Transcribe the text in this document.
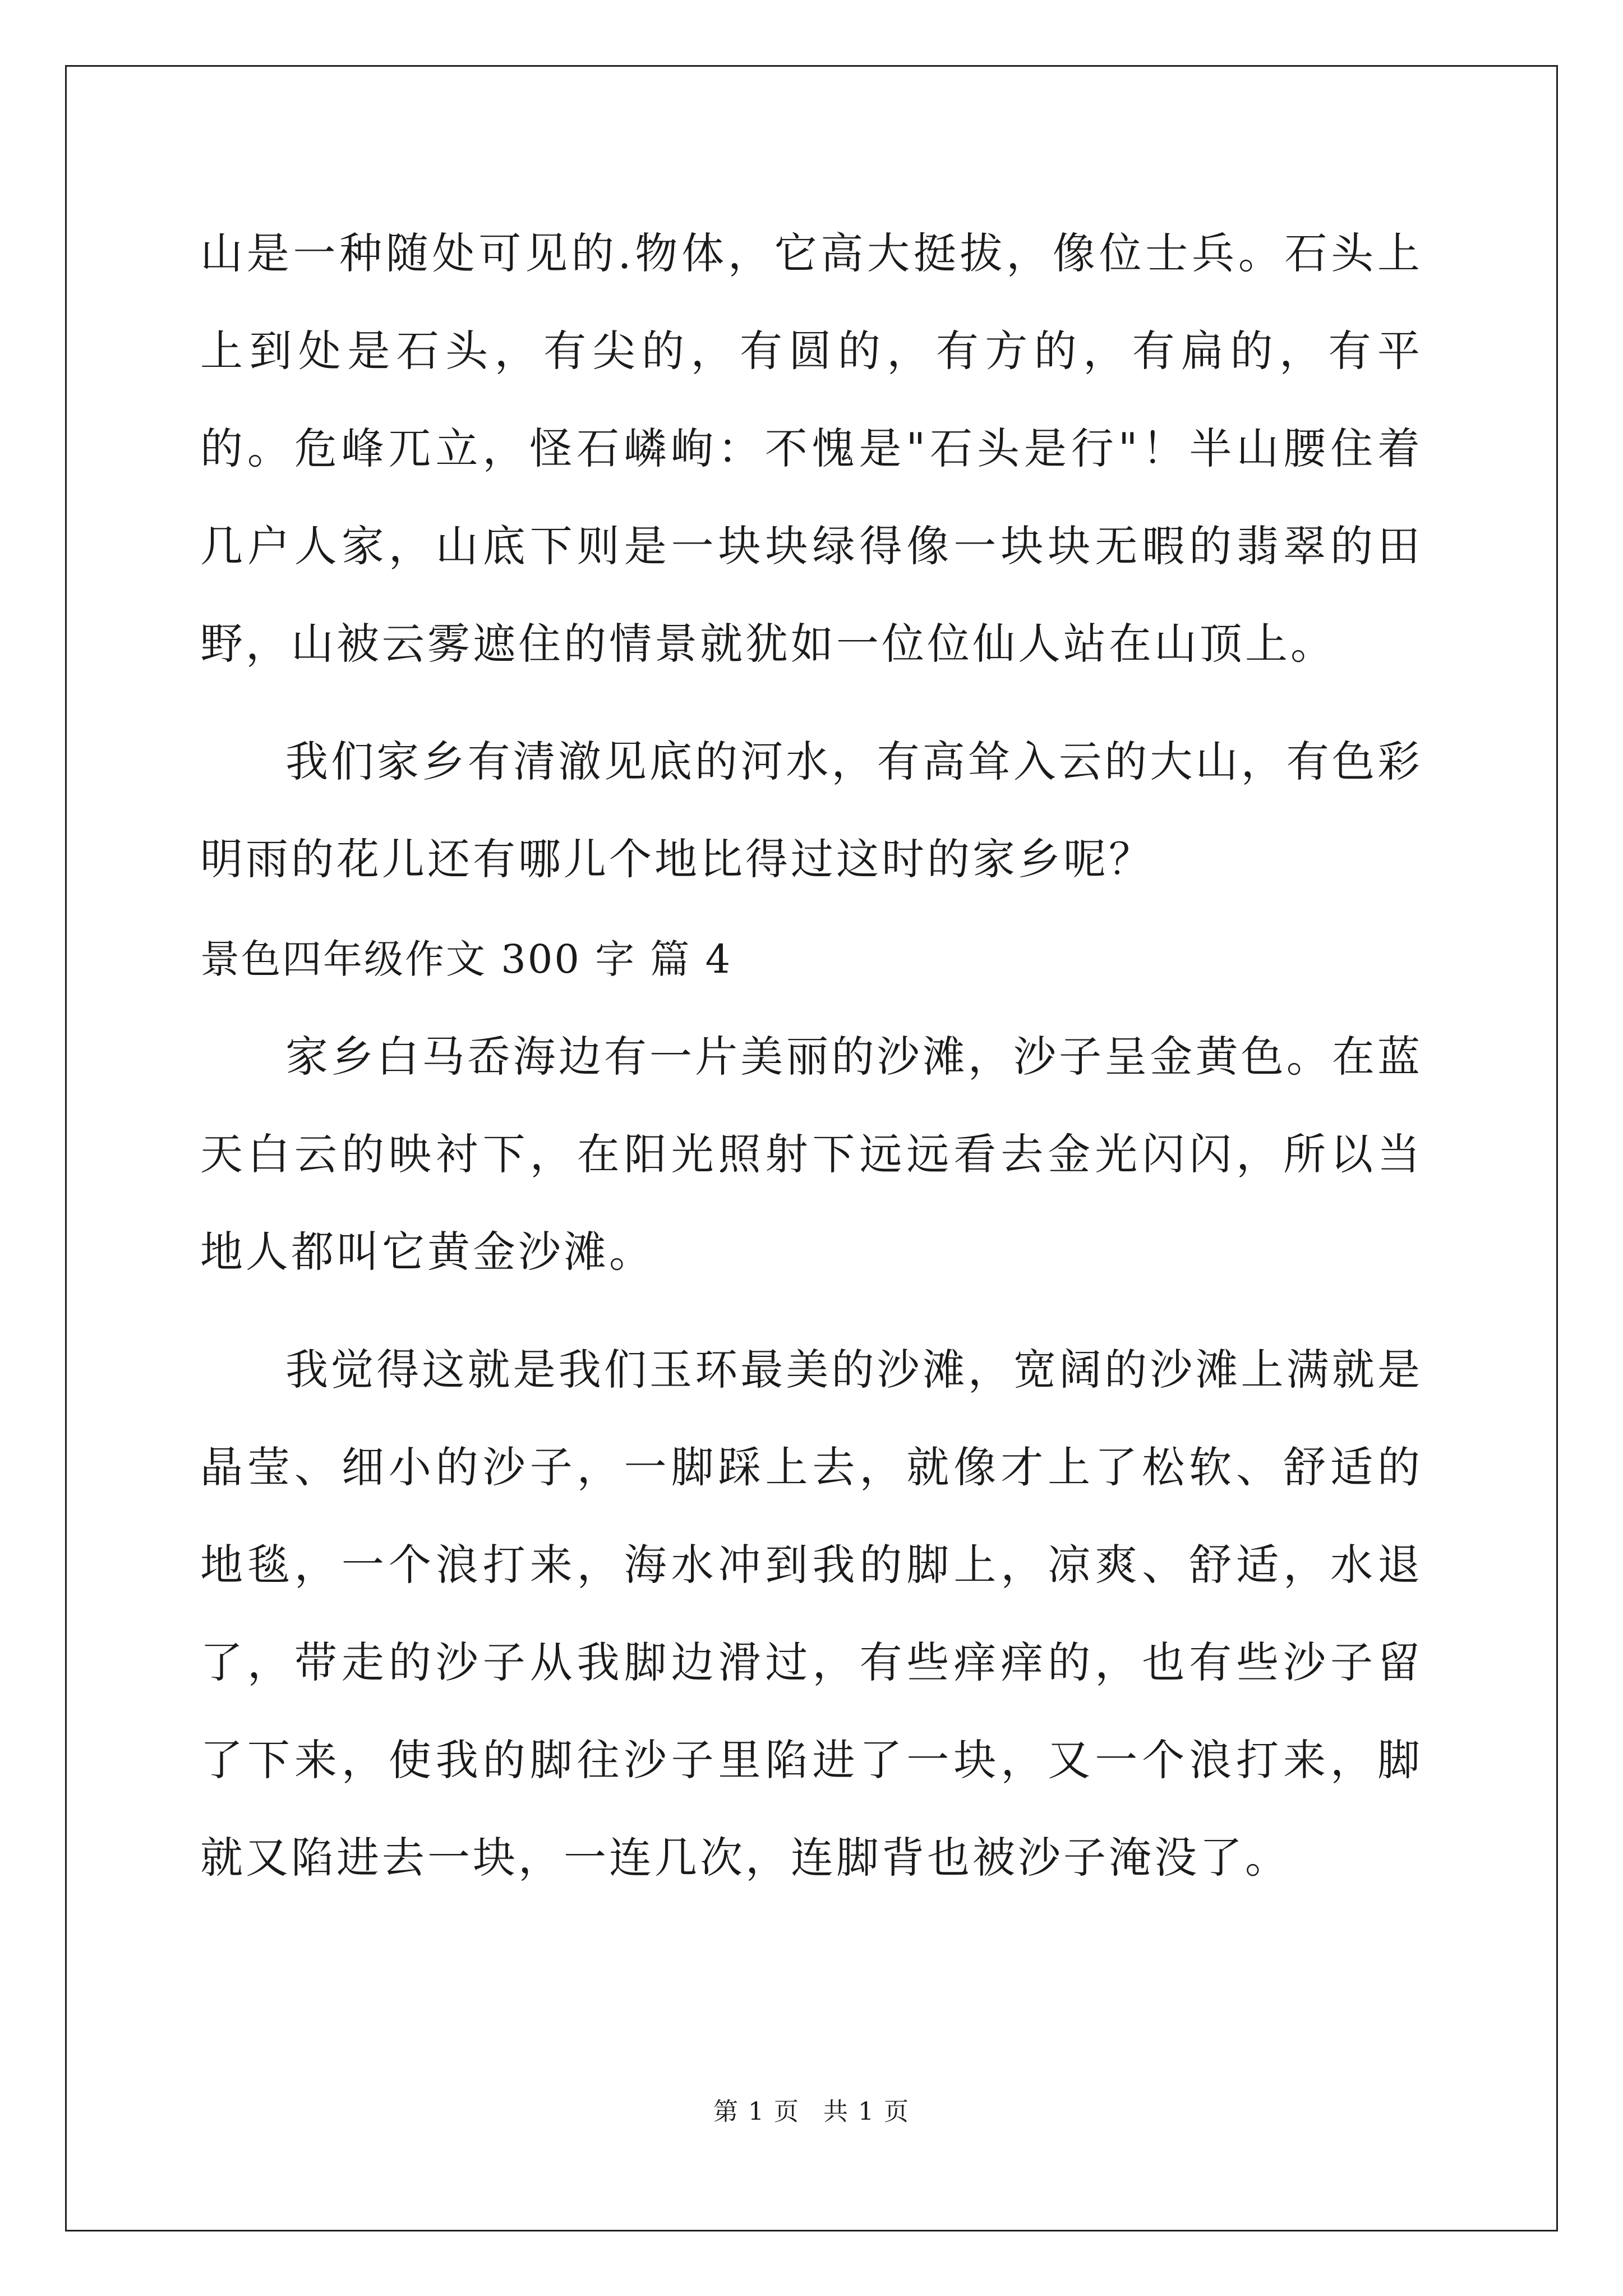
山是一种随处可见的.物体，它高大挺拔，像位士兵。石头上上到处是石头，有尖的，有圆的，有方的，有扁的，有平的。危峰兀立，怪石嶙峋：不愧是"石头是行"！半山腰住着几户人家，山底下则是一块块绿得像一块块无暇的翡翠的田野，山被云雾遮住的情景就犹如一位位仙人站在山顶上。

我们家乡有清澈见底的河水，有高耸入云的大山，有色彩明雨的花儿还有哪儿个地比得过这时的家乡呢？

景色四年级作文 300 字 篇 4

家乡白马岙海边有一片美丽的沙滩，沙子呈金黄色。在蓝天白云的映衬下，在阳光照射下远远看去金光闪闪，所以当地人都叫它黄金沙滩。

我觉得这就是我们玉环最美的沙滩，宽阔的沙滩上满就是晶莹、细小的沙子，一脚踩上去，就像才上了松软、舒适的地毯，一个浪打来，海水冲到我的脚上，凉爽、舒适，水退了，带走的沙子从我脚边滑过，有些痒痒的，也有些沙子留了下来，使我的脚往沙子里陷进了一块，又一个浪打来，脚就又陷进去一块，一连几次，连脚背也被沙子淹没了。

第 1 页 共 1 页
